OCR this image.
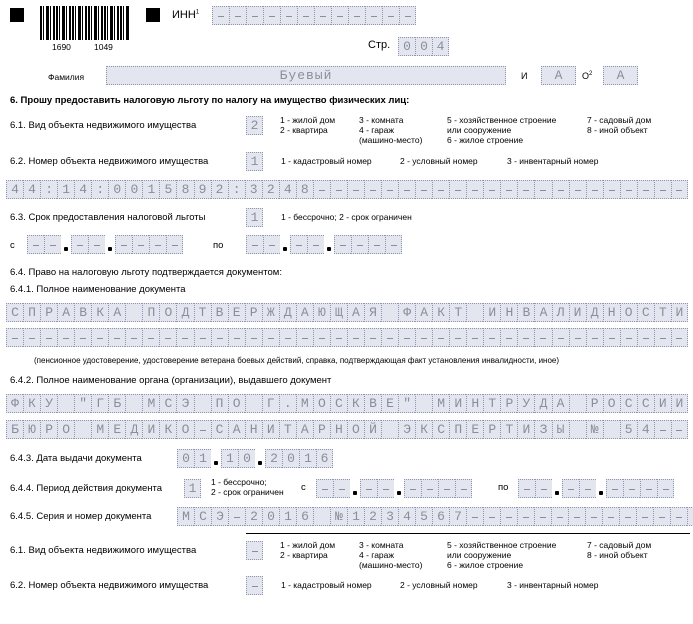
1690	1049
ИНН$^1$
Стр. 0 0 4
Фамилия	Буевый	И	А	$О^2$	А
6. Прошу предоставить налоговую льготу по налогу на имущество физических лиц:
6.1. Вид объекта недвижимого имущества	2	1 - жилой дом
2 - квартира
3 - комната
4 - гараж
(машино-место)
5 - хозяйственное строение
или сооружение
6 - жилое строение
7 - садовый дом
8 - иной объект
6.2. Номер объекта недвижимого имущества	1	1 - кадастровый номер	2 - условный номер	3 - инвентарный номер
4 4 : 1 4 : 0 0 1 5 8 9 2 : 3 2 4 8
6.3. Срок предоставления налоговой льготы	1	1 - бессрочно; 2 - срок ограничен
с	по
6.4. Право на налоговую льготу подтверждается документом:
6.4.1. Полное наименование документа
С П Р А В К А	П О Д Т В Е Р Ж Д А Ю Щ А Я	Ф А К Т	И Н В А Л И Д Н О С Т И
(пенсионное удостоверение, удостоверение ветерана боевых действий, справка, подтверждающая факт установления инвалидности, иное)
6.4.2. Полное наименование органа (организации), выдавшего документ
Ф К У	" Г Б	М С Э	П О	Г . М О С К В Е "	М И Н Т Р У Д А	Р О С С И И
Б Ю Р О	М Е Д И К О	С А Н И Т А Р Н О Й	Э К С П Е Р Т И З Ы	№	5 4
6.4.3. Дата выдачи документа	0 1	1 0	2 0 1 6
6.4.4. Период действия документа	1	1 - бессрочно;
2 - срок ограничен с	по
6.4.5. Серия и номер документа	М С Э	2 0 1 6	№ 1 2 3 4 5 6 7
6.1. Вид объекта недвижимого имущества	1 - жилой дом
2 - квартира
3 - комната
4 - гараж
(машино-место)
5 - хозяйственное строение
или сооружение
6 - жилое строение
7 - садовый дом
8 - иной объект
6.2. Номер объекта недвижимого имущества	1 - кадастровый номер	2 - условный номер	3 - инвентарный номер
